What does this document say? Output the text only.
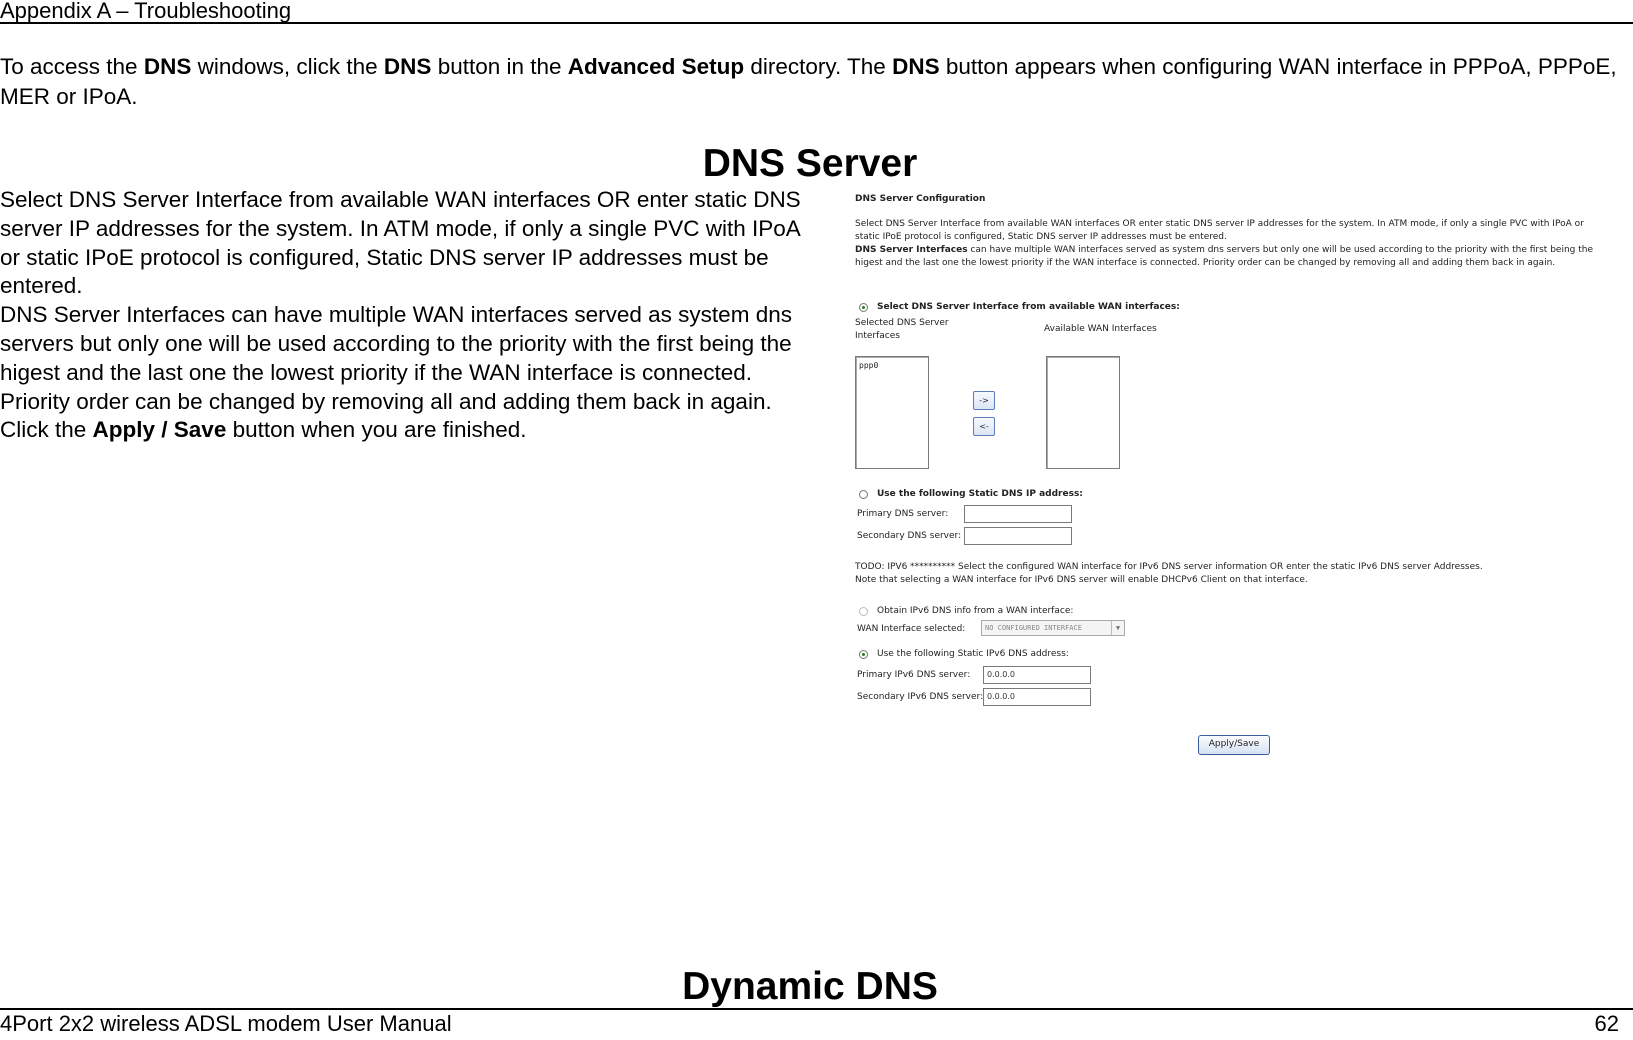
Appendix A – Troubleshooting
To access the DNS windows, click the DNS button in the Advanced Setup directory. The DNS button appears when configuring WAN interface in PPPoA, PPPoE, MER or IPoA.
DNS Server

Select DNS Server Interface from available WAN interfaces OR enter static DNS server IP addresses for the system. In ATM mode, if only a single PVC with IPoA or static IPoE protocol is configured, Static DNS server IP addresses must be entered.

DNS Server Interfaces can have multiple WAN interfaces served as system dns servers but only one will be used according to the priority with the first being the higest and the last one the lowest priority if the WAN interface is connected. Priority order can be changed by removing all and adding them back in again. Click the Apply / Save button when you are finished.

DNS Server Configuration
Select DNS Server Interface from available WAN interfaces OR enter static DNS server IP addresses for the system. In ATM mode, if only a single PVC with IPoA or static IPoE protocol is configured, Static DNS server IP addresses must be entered.
DNS Server Interfaces can have multiple WAN interfaces served as system dns servers but only one will be used according to the priority with the first being the higest and the last one the lowest priority if the WAN interface is connected. Priority order can be changed by removing all and adding them back in again.
Select DNS Server Interface from available WAN interfaces:
Selected DNS Server
Interfaces
Available WAN Interfaces
ppp0
->
<-
Use the following Static DNS IP address:
Primary DNS server:
Secondary DNS server:
TODO: IPV6 ********** Select the configured WAN interface for IPv6 DNS server information OR enter the static IPv6 DNS server Addresses.
Note that selecting a WAN interface for IPv6 DNS server will enable DHCPv6 Client on that interface.
Obtain IPv6 DNS info from a WAN interface:
WAN Interface selected:	NO CONFIGURED INTERFACE	▼
Use the following Static IPv6 DNS address:
Primary IPv6 DNS server:	0.0.0.0
Secondary IPv6 DNS server: 0.0.0.0
Apply/Save
Dynamic DNS
4Port 2x2 wireless ADSL modem User Manual	62
